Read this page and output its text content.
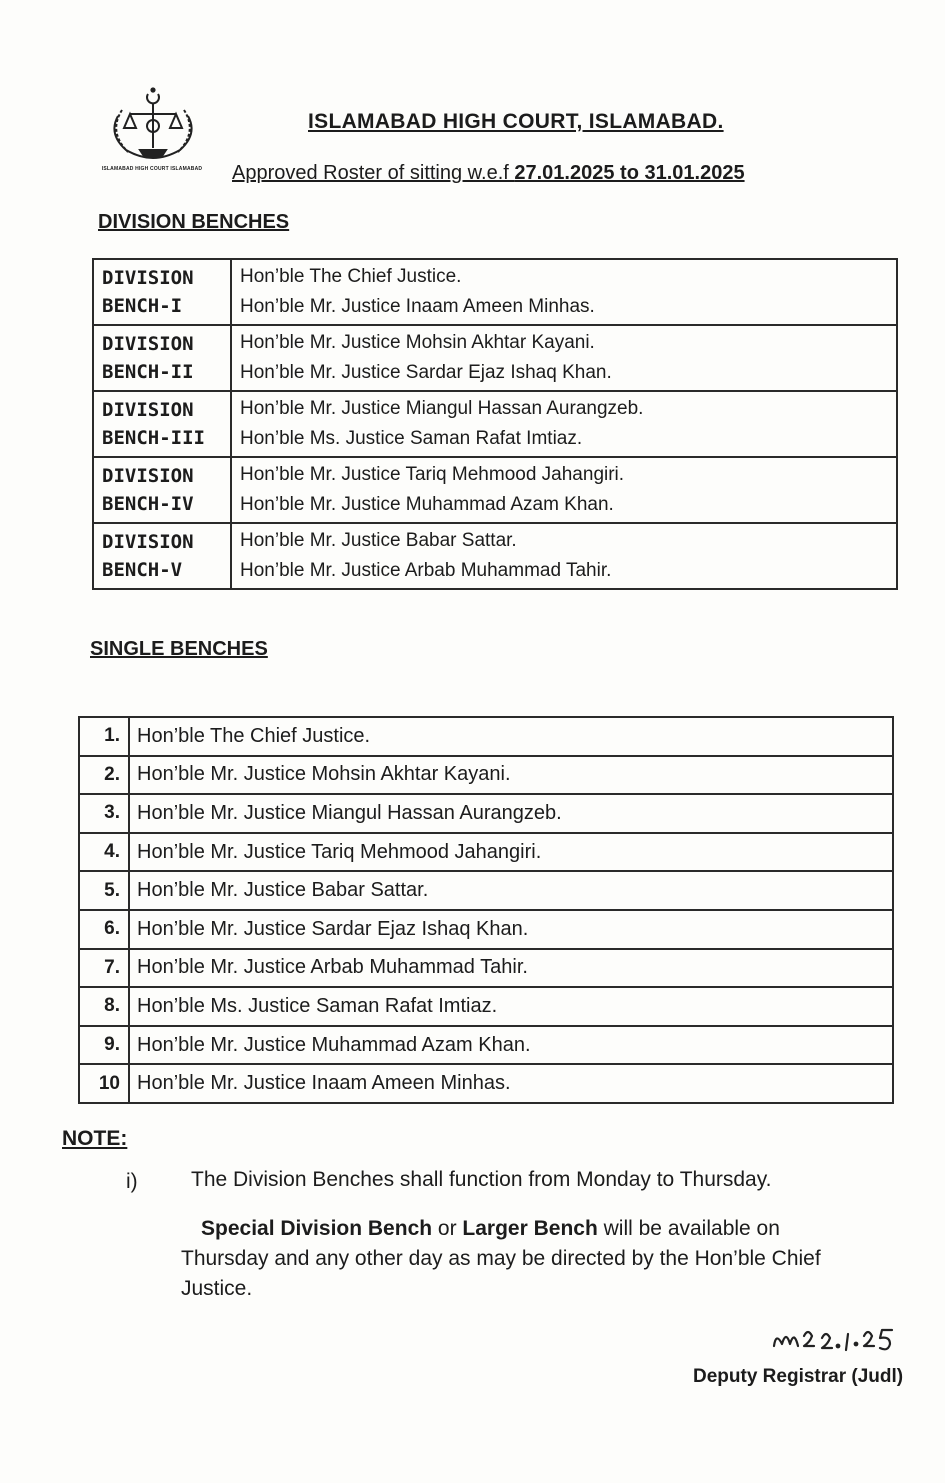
ISLAMABAD HIGH COURT ISLAMABAD
ISLAMABAD HIGH COURT, ISLAMABAD.
Approved Roster of sitting w.e.f 27.01.2025 to 31.01.2025
DIVISION BENCHES
DIVISION
BENCH-I	Hon’ble The Chief Justice.
Hon’ble Mr. Justice Inaam Ameen Minhas.

DIVISION
BENCH-II	Hon’ble Mr. Justice Mohsin Akhtar Kayani.
Hon’ble Mr. Justice Sardar Ejaz Ishaq Khan.

DIVISION
BENCH-III	Hon’ble Mr. Justice Miangul Hassan Aurangzeb.
Hon’ble Ms. Justice Saman Rafat Imtiaz.

DIVISION
BENCH-IV	Hon’ble Mr. Justice Tariq Mehmood Jahangiri.
Hon’ble Mr. Justice Muhammad Azam Khan.

DIVISION
BENCH-V	Hon’ble Mr. Justice Babar Sattar.
Hon’ble Mr. Justice Arbab Muhammad Tahir.
SINGLE BENCHES
1.	Hon’ble The Chief Justice.
2.	Hon’ble Mr. Justice Mohsin Akhtar Kayani.
3.	Hon’ble Mr. Justice Miangul Hassan Aurangzeb.
4.	Hon’ble Mr. Justice Tariq Mehmood Jahangiri.
5.	Hon’ble Mr. Justice Babar Sattar.
6.	Hon’ble Mr. Justice Sardar Ejaz Ishaq Khan.
7.	Hon’ble Mr. Justice Arbab Muhammad Tahir.
8.	Hon’ble Ms. Justice Saman Rafat Imtiaz.
9.	Hon’ble Mr. Justice Muhammad Azam Khan.
10	Hon’ble Mr. Justice Inaam Ameen Minhas.
NOTE:
i)	The Division Benches shall function from Monday to Thursday.
Special Division Bench or Larger Bench will be available on Thursday and any other day as may be directed by the Hon’ble Chief Justice.
22.1.25
Deputy Registrar (Judl)
